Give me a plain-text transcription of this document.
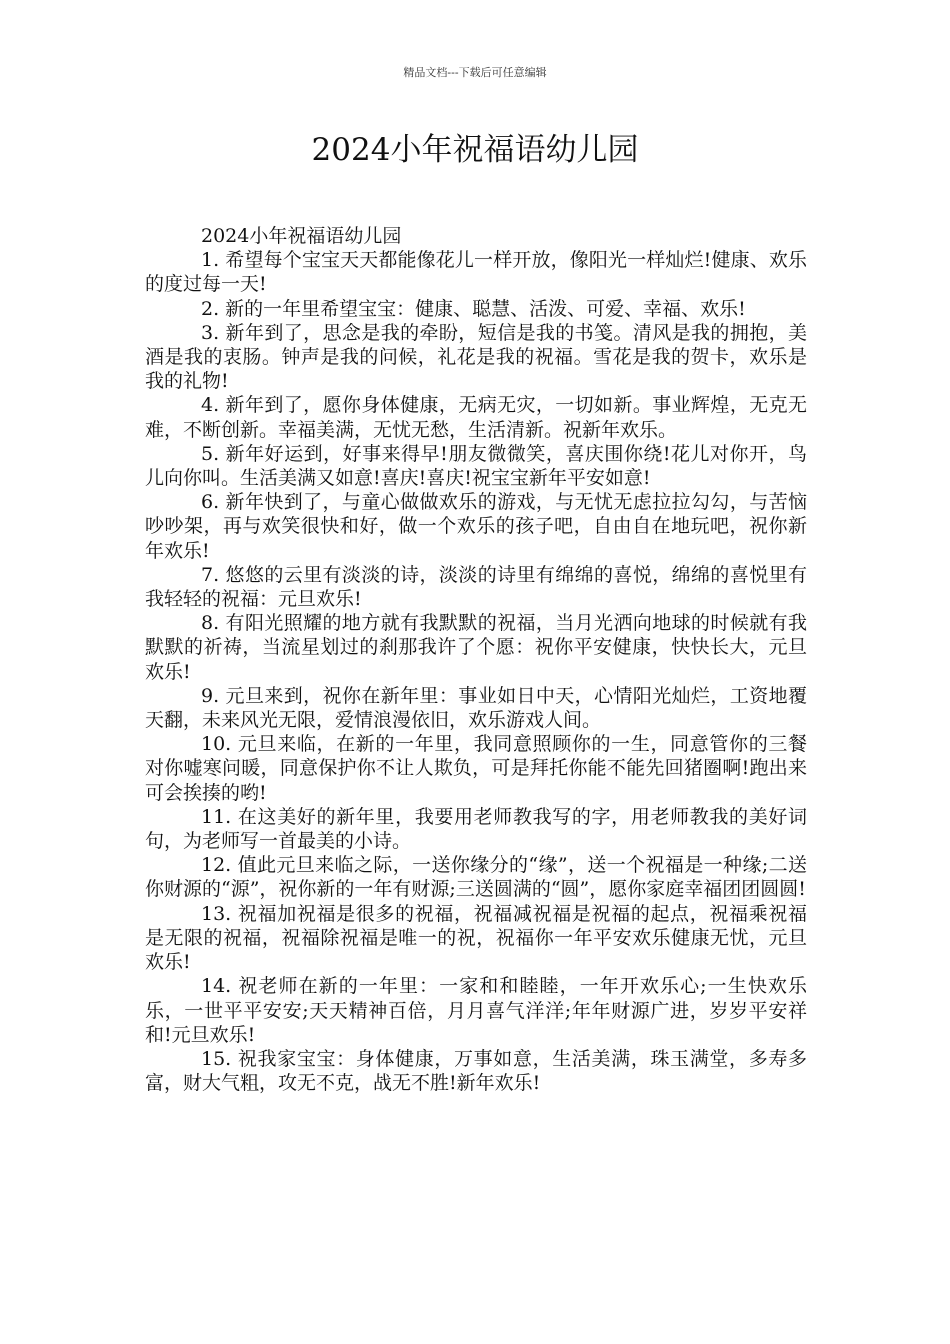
精品文档---下载后可任意编辑
2024小年祝福语幼儿园

2024小年祝福语幼儿园

1. 希望每个宝宝天天都能像花儿一样开放，像阳光一样灿烂!健康、欢乐的度过每一天!

2. 新的一年里希望宝宝：健康、聪慧、活泼、可爱、幸福、欢乐!

3. 新年到了，思念是我的牵盼，短信是我的书笺。清风是我的拥抱，美酒是我的衷肠。钟声是我的问候，礼花是我的祝福。雪花是我的贺卡，欢乐是我的礼物!

4. 新年到了，愿你身体健康，无病无灾，一切如新。事业辉煌，无克无难，不断创新。幸福美满，无忧无愁，生活清新。祝新年欢乐。

5. 新年好运到，好事来得早!朋友微微笑，喜庆围你绕!花儿对你开，鸟儿向你叫。生活美满又如意!喜庆!喜庆!祝宝宝新年平安如意!

6. 新年快到了，与童心做做欢乐的游戏，与无忧无虑拉拉勾勾，与苦恼吵吵架，再与欢笑很快和好，做一个欢乐的孩子吧，自由自在地玩吧，祝你新年欢乐!

7. 悠悠的云里有淡淡的诗，淡淡的诗里有绵绵的喜悦，绵绵的喜悦里有我轻轻的祝福：元旦欢乐!

8. 有阳光照耀的地方就有我默默的祝福，当月光洒向地球的时候就有我默默的祈祷，当流星划过的刹那我许了个愿：祝你平安健康，快快长大，元旦欢乐!

9. 元旦来到，祝你在新年里：事业如日中天，心情阳光灿烂，工资地覆天翻，未来风光无限，爱情浪漫依旧，欢乐游戏人间。

10. 元旦来临，在新的一年里，我同意照顾你的一生，同意管你的三餐对你嘘寒问暖，同意保护你不让人欺负，可是拜托你能不能先回猪圈啊!跑出来可会挨揍的哟!

11. 在这美好的新年里，我要用老师教我写的字，用老师教我的美好词句，为老师写一首最美的小诗。

12. 值此元旦来临之际，一送你缘分的“缘”，送一个祝福是一种缘;二送你财源的“源”，祝你新的一年有财源;三送圆满的“圆”，愿你家庭幸福团团圆圆!

13. 祝福加祝福是很多的祝福，祝福减祝福是祝福的起点，祝福乘祝福是无限的祝福，祝福除祝福是唯一的祝，祝福你一年平安欢乐健康无忧，元旦欢乐!

14. 祝老师在新的一年里：一家和和睦睦，一年开欢乐心;一生快欢乐乐，一世平平安安;天天精神百倍，月月喜气洋洋;年年财源广进，岁岁平安祥和!元旦欢乐!

15. 祝我家宝宝：身体健康，万事如意，生活美满，珠玉满堂，多寿多富，财大气粗，攻无不克，战无不胜!新年欢乐!
